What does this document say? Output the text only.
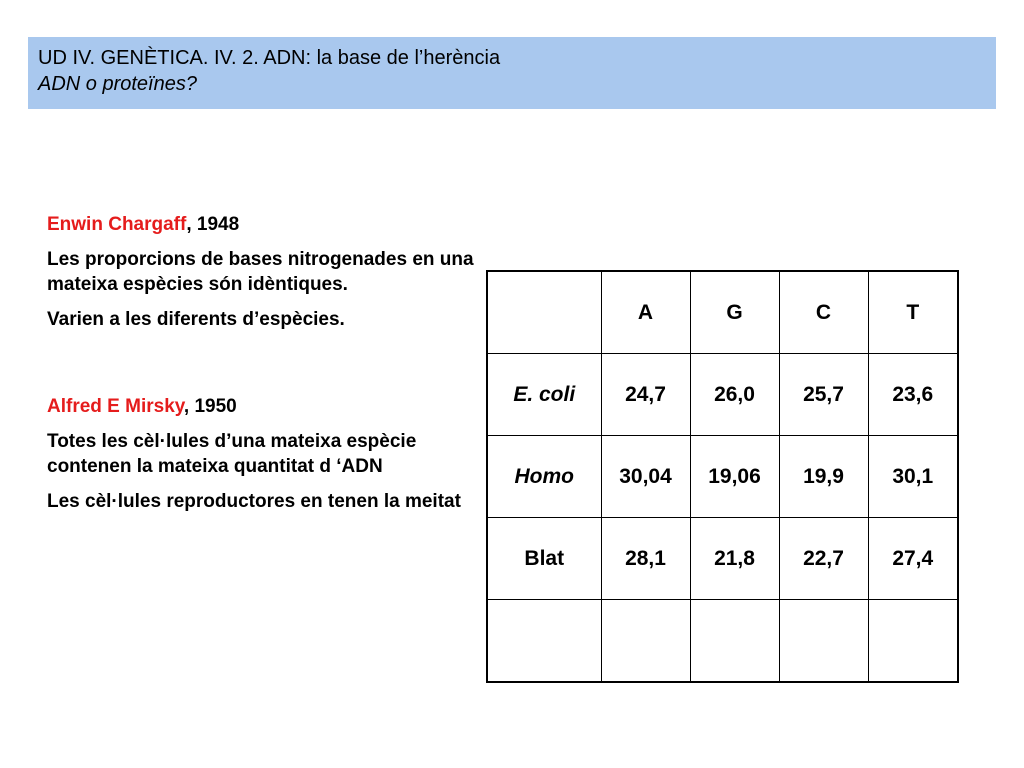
UD IV. GENÈTICA. IV. 2. ADN: la base de l’herència
ADN o proteïnes?

Enwin Chargaff, 1948

Les proporcions de bases nitrogenades en una mateixa espècies són idèntiques.

Varien a les diferents d’espècies.

Alfred E Mirsky, 1950

Totes les cèl·lules d’una mateixa espècie contenen la mateixa quantitat d ‘ADN

Les cèl·lules reproductores en tenen la meitat

	A	G	C	T
E. coli	24,7	26,0	25,7	23,6
Homo	30,04	19,06	19,9	30,1
Blat	28,1	21,8	22,7	27,4
